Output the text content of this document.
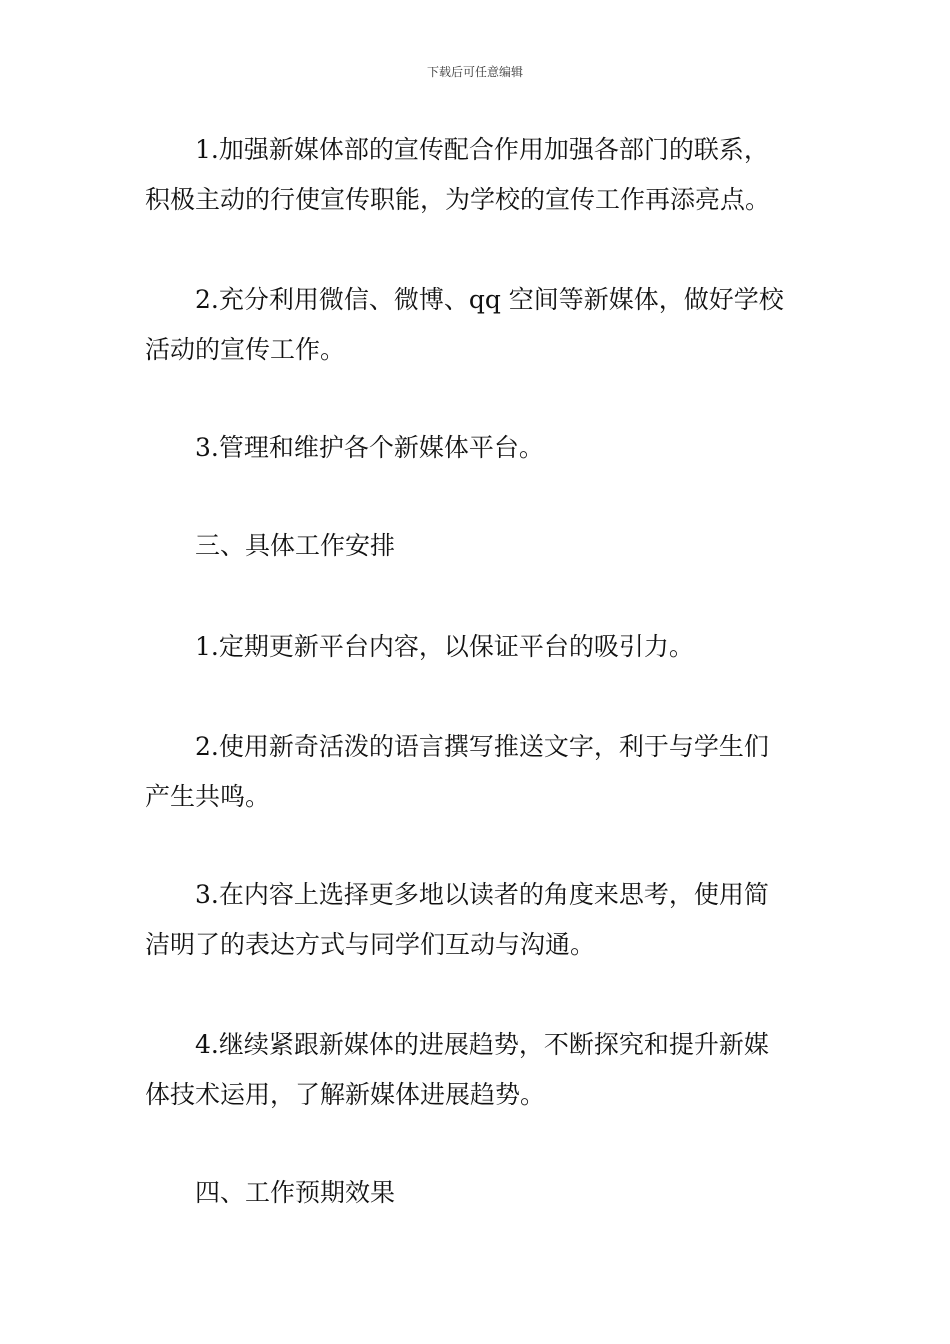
下载后可任意编辑
1.加强新媒体部的宣传配合作用加强各部门的联系，
积极主动的行使宣传职能，为学校的宣传工作再添亮点。
2.充分利用微信、微博、qq 空间等新媒体，做好学校
活动的宣传工作。
3.管理和维护各个新媒体平台。
三、具体工作安排
1.定期更新平台内容，以保证平台的吸引力。
2.使用新奇活泼的语言撰写推送文字，利于与学生们
产生共鸣。
3.在内容上选择更多地以读者的角度来思考，使用简
洁明了的表达方式与同学们互动与沟通。
4.继续紧跟新媒体的进展趋势，不断探究和提升新媒
体技术运用，了解新媒体进展趋势。
四、工作预期效果
